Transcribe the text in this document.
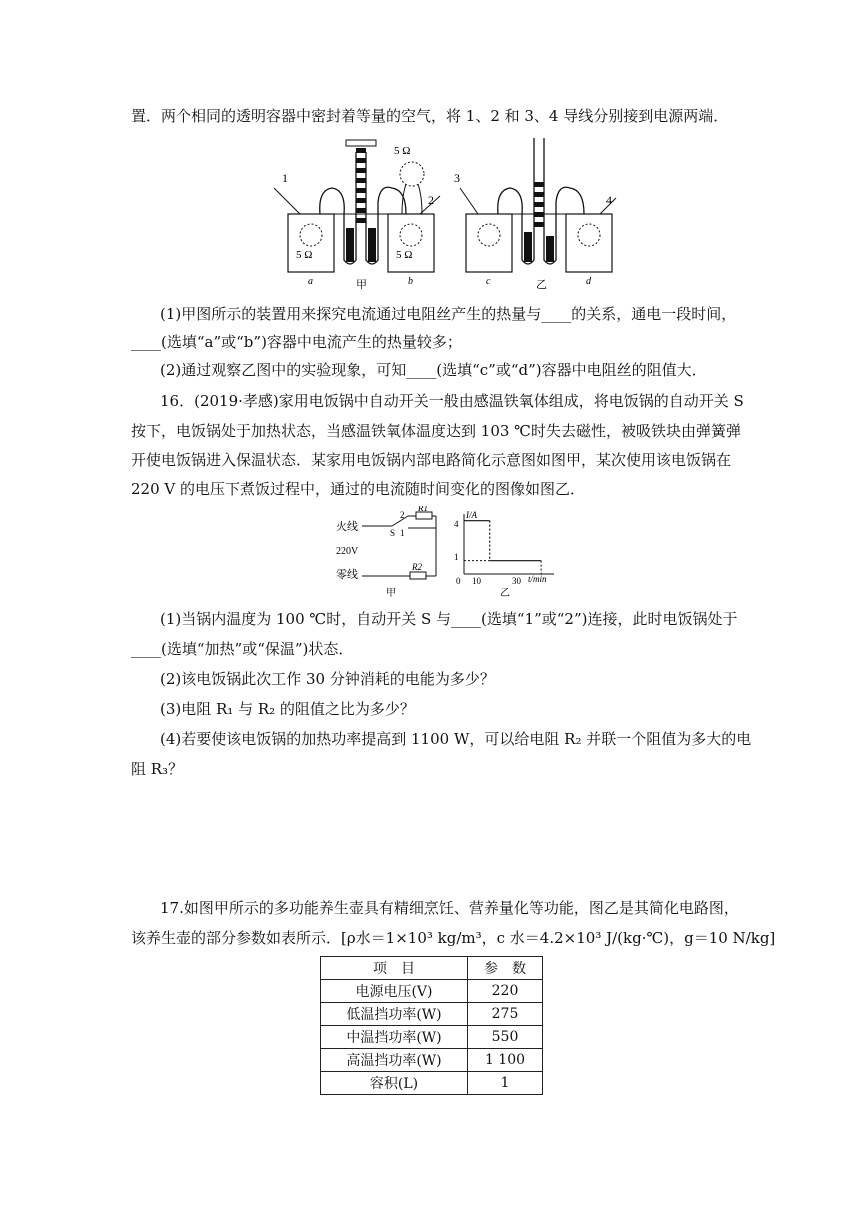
置．两个相同的透明容器中密封着等量的空气，将 1、2 和 3、4 导线分别接到电源两端．
1
2
5 Ω
5 Ω	5 Ω
a	b
甲
3
4
c	d
乙
(1)甲图所示的装置用来探究电流通过电阻丝产生的热量与____的关系，通电一段时间，
____(选填“a”或“b”)容器中电流产生的热量较多；
(2)通过观察乙图中的实验现象，可知____(选填“c”或“d”)容器中电阻丝的阻值大．
16．(2019·孝感)家用电饭锅中自动开关一般由感温铁氧体组成，将电饭锅的自动开关 S
按下，电饭锅处于加热状态，当感温铁氧体温度达到 103 ℃时失去磁性，被吸铁块由弹簧弹
开使电饭锅进入保温状态．某家用电饭锅内部电路简化示意图如图甲，某次使用该电饭锅在
220 V 的电压下煮饭过程中，通过的电流随时间变化的图像如图乙．
火线
220V
零线
R1
R2
S 1
2
甲
I/A
t/min
4
1
0 10	30
乙
(1)当锅内温度为 100 ℃时，自动开关 S 与____(选填“1”或“2”)连接，此时电饭锅处于
____(选填“加热”或“保温”)状态．
(2)该电饭锅此次工作 30 分钟消耗的电能为多少？
(3)电阻 R₁ 与 R₂ 的阻值之比为多少？
(4)若要使该电饭锅的加热功率提高到 1100 W，可以给电阻 R₂ 并联一个阻值为多大的电
阻 R₃？
17.如图甲所示的多功能养生壶具有精细烹饪、营养量化等功能，图乙是其简化电路图，
该养生壶的部分参数如表所示．[ρ水＝1×10³ kg/m³，c 水＝4.2×10³ J/(kg·℃)，g＝10 N/kg]
项　目	参　数
电源电压(V)	220
低温挡功率(W)	275
中温挡功率(W)	550
高温挡功率(W)	1 100
容积(L)	1
